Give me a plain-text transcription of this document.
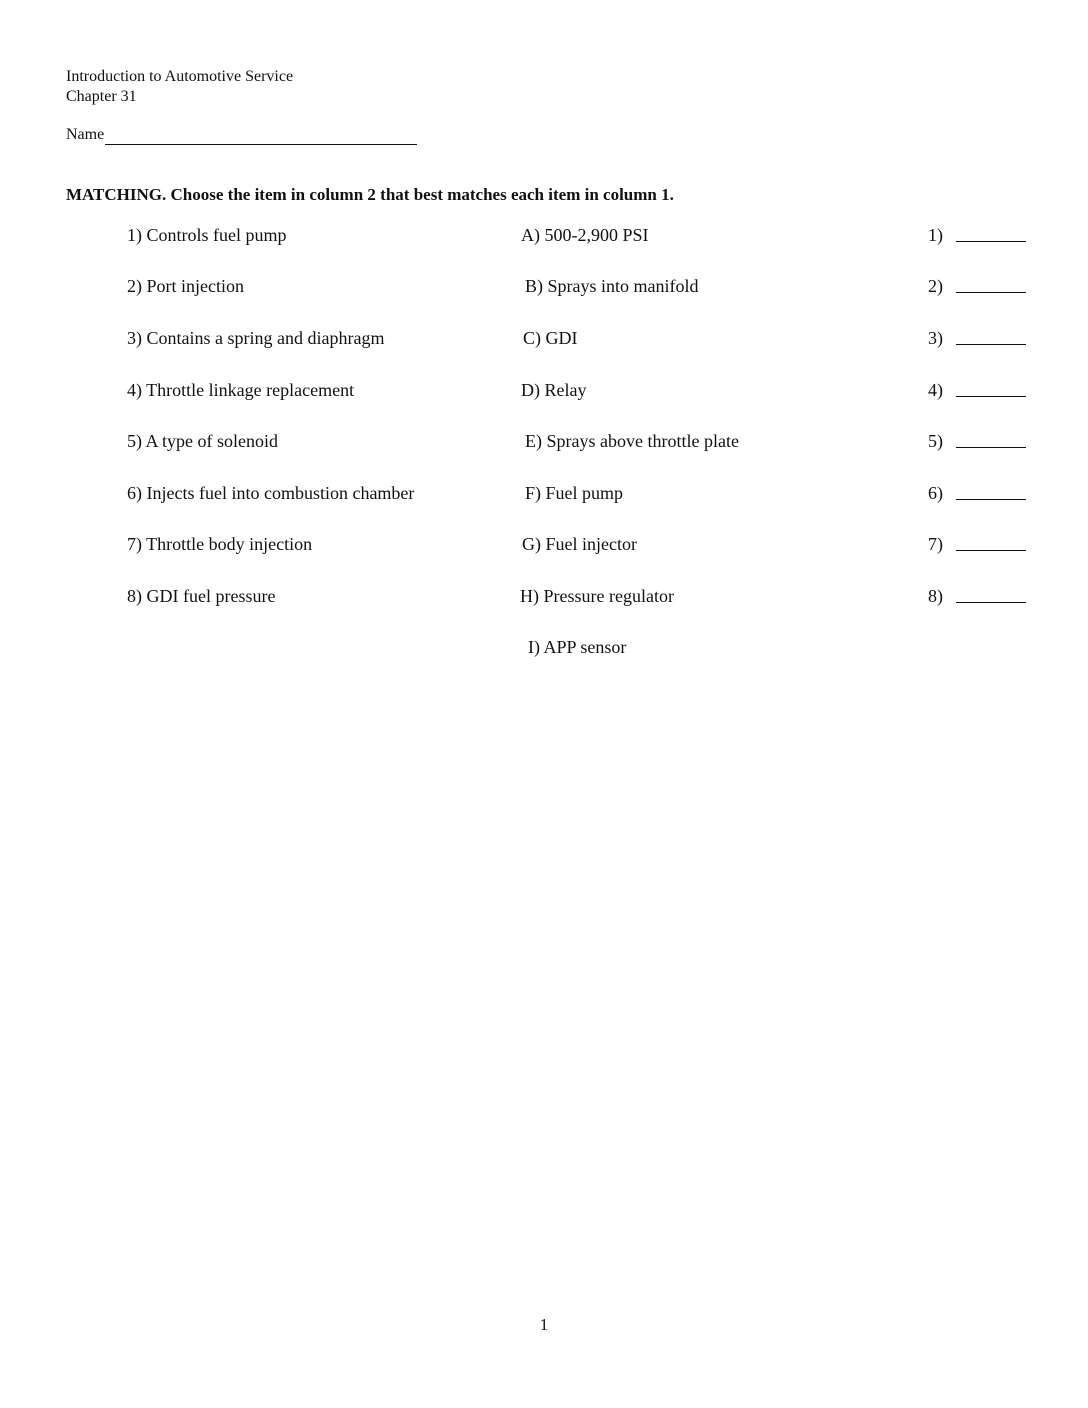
Introduction to Automotive Service
Chapter 31
Name
MATCHING. Choose the item in column 2 that best matches each item in column 1.
1) Controls fuel pump	A) 500-2,900 PSI	1)
2) Port injection	B) Sprays into manifold	2)
3) Contains a spring and diaphragm	C) GDI	3)
4) Throttle linkage replacement	D) Relay	4)
5) A type of solenoid	E) Sprays above throttle plate	5)
6) Injects fuel into combustion chamber	F) Fuel pump	6)
7) Throttle body injection	G) Fuel injector	7)
8) GDI fuel pressure	H) Pressure regulator	8)
I) APP sensor
1
